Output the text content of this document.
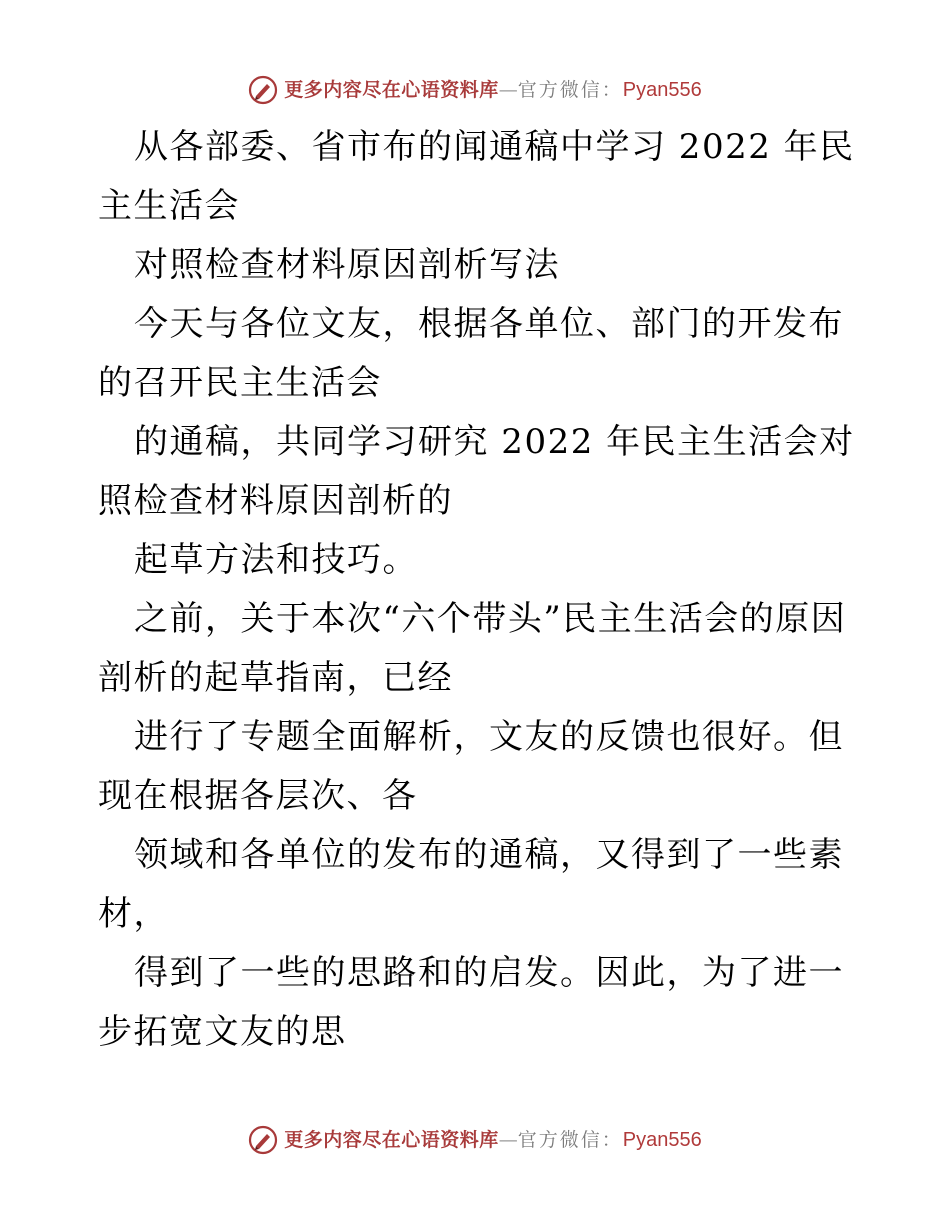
更多内容尽在心语资料库 — 官方微信： Pyan556

从各部委、省市布的闻通稿中学习 2022 年民主生活会

对照检查材料原因剖析写法

今天与各位文友，根据各单位、部门的开发布的召开民主生活会

的通稿，共同学习研究 2022 年民主生活会对照检查材料原因剖析的

起草方法和技巧。

之前，关于本次“六个带头”民主生活会的原因剖析的起草指南，已经

进行了专题全面解析，文友的反馈也很好。但现在根据各层次、各

领域和各单位的发布的通稿，又得到了一些素材，

得到了一些的思路和的启发。因此，为了进一步拓宽文友的思

更多内容尽在心语资料库 — 官方微信： Pyan556
